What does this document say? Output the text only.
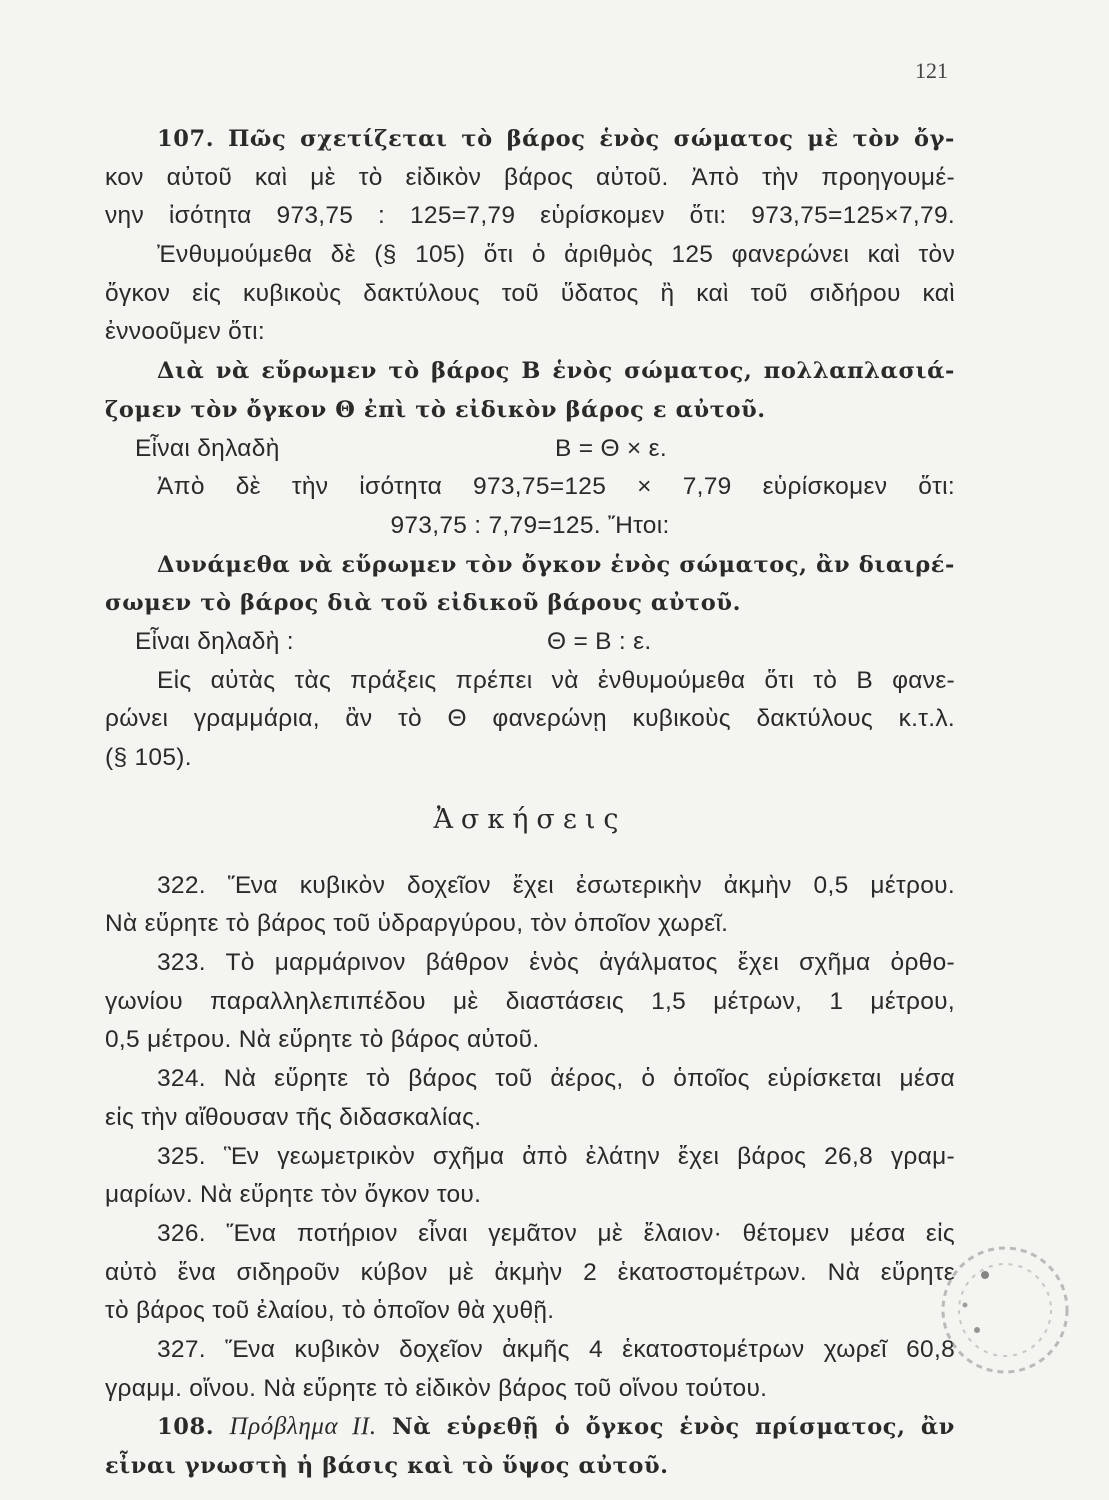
121
107. Πῶς σχετίζεται τὸ βάρος ἑνὸς σώματος μὲ τὸν ὄγ-
κον αὐτοῦ καὶ μὲ τὸ εἰδικὸν βάρος αὐτοῦ. Ἀπὸ τὴν προηγουμέ-
νην ἰσότητα 973,75 : 125=7,79 εὑρίσκομεν ὅτι: 973,75=125×7,79.
Ἐνθυμούμεθα δὲ (§ 105) ὅτι ὁ ἀριθμὸς 125 φανερώνει καὶ τὸν
ὄγκον εἰς κυβικοὺς δακτύλους τοῦ ὕδατος ἢ καὶ τοῦ σιδήρου καὶ
ἐννοοῦμεν ὅτι:
Διὰ νὰ εὕρωμεν τὸ βάρος Β ἑνὸς σώματος, πολλαπλασιά-
ζομεν τὸν ὄγκον Θ ἐπὶ τὸ εἰδικὸν βάρος ε αὐτοῦ.
Εἶναι δηλαδὴ	Β = Θ × ε.
Ἀπὸ δὲ τὴν ἰσότητα 973,75=125 × 7,79 εὑρίσκομεν ὅτι:
973,75 : 7,79=125. Ἤτοι:
Δυνάμεθα νὰ εὕρωμεν τὸν ὄγκον ἑνὸς σώματος, ἂν διαιρέ-
σωμεν τὸ βάρος διὰ τοῦ εἰδικοῦ βάρους αὐτοῦ.
Εἶναι δηλαδὴ :	Θ = Β : ε.
Εἰς αὐτὰς τὰς πράξεις πρέπει νὰ ἐνθυμούμεθα ὅτι τὸ Β φανε-
ρώνει γραμμάρια, ἂν τὸ Θ φανερώνῃ κυβικοὺς δακτύλους κ.τ.λ.
(§ 105).
Ἀσκήσεις
322. Ἕνα κυβικὸν δοχεῖον ἔχει ἐσωτερικὴν ἀκμὴν 0,5 μέτρου.
Νὰ εὕρητε τὸ βάρος τοῦ ὑδραργύρου, τὸν ὁποῖον χωρεῖ.
323. Τὸ μαρμάρινον βάθρον ἑνὸς ἀγάλματος ἔχει σχῆμα ὀρθο-
γωνίου παραλληλεπιπέδου μὲ διαστάσεις 1,5 μέτρων, 1 μέτρου,
0,5 μέτρου. Νὰ εὕρητε τὸ βάρος αὐτοῦ.
324. Νὰ εὕρητε τὸ βάρος τοῦ ἀέρος, ὁ ὁποῖος εὑρίσκεται μέσα
εἰς τὴν αἴθουσαν τῆς διδασκαλίας.
325. Ἓν γεωμετρικὸν σχῆμα ἀπὸ ἐλάτην ἔχει βάρος 26,8 γραμ-
μαρίων. Νὰ εὕρητε τὸν ὄγκον του.
326. Ἕνα ποτήριον εἶναι γεμᾶτον μὲ ἔλαιον· θέτομεν μέσα εἰς
αὐτὸ ἕνα σιδηροῦν κύβον μὲ ἀκμὴν 2 ἑκατοστομέτρων. Νὰ εὕρητε
τὸ βάρος τοῦ ἐλαίου, τὸ ὁποῖον θὰ χυθῇ.
327. Ἕνα κυβικὸν δοχεῖον ἀκμῆς 4 ἑκατοστομέτρων χωρεῖ 60,8
γραμμ. οἴνου. Νὰ εὕρητε τὸ εἰδικὸν βάρος τοῦ οἴνου τούτου.
108. Πρόβλημα ΙΙ. Νὰ εὑρεθῇ ὁ ὄγκος ἑνὸς πρίσματος, ἂν
εἶναι γνωστὴ ἡ βάσις καὶ τὸ ὕψος αὐτοῦ.
